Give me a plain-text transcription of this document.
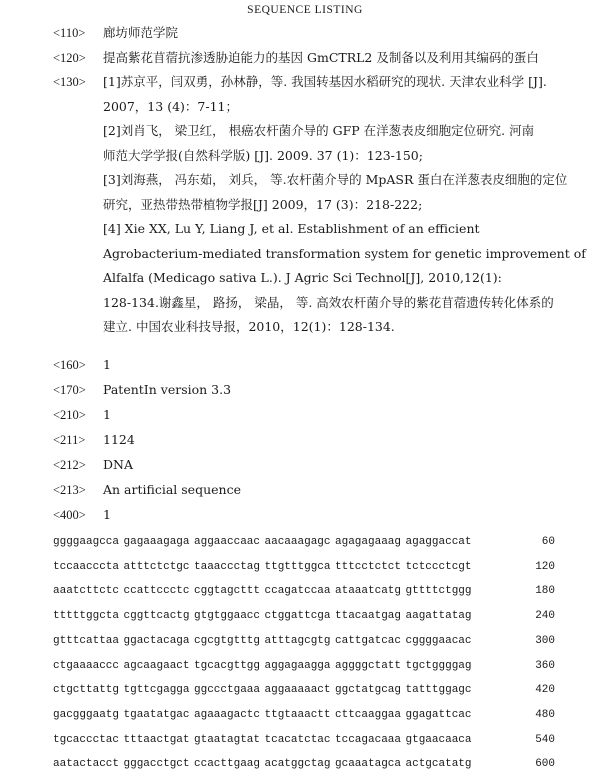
SEQUENCE LISTING
<110> 廊坊师范学院
<120> 提高紫花苜蓿抗渗透胁迫能力的基因 GmCTRL2 及制备以及利用其编码的蛋白
<130> [1]苏京平，闫双勇，孙林静，等. 我国转基因水稻研究的现状. 天津农业科学 [J].
2007，13 (4)：7-11；
[2]刘肖飞， 梁卫红， 根癌农杆菌介导的 GFP 在洋葱表皮细胞定位研究. 河南
师范大学学报(自然科学版) [J]. 2009. 37 (1)：123-150;
[3]刘海燕， 冯东茹， 刘兵， 等.农杆菌介导的 MpASR 蛋白在洋葱表皮细胞的定位
研究，亚热带热带植物学报[J] 2009，17 (3)：218-222;
[4] Xie XX, Lu Y, Liang J, et al. Establishment of an efficient
Agrobacterium-mediated transformation system for genetic improvement of
Alfalfa (Medicago sativa L.). J Agric Sci Technol[J], 2010,12(1):
128-134.谢鑫星， 路扬， 梁晶， 等. 高效农杆菌介导的紫花苜蓿遗传转化体系的
建立. 中国农业科技导报，2010，12(1)：128-134.
<160> 1
<170> PatentIn version 3.3
<210> 1
<211> 1124
<212> DNA
<213> An artificial sequence
<400> 1
ggggaagcca gagaaagaga aggaaccaac aacaaagagc agagagaaag agaggaccat	60
tccaacccta atttctctgc taaaccctag ttgtttggca tttcctctct tctccctcgt	120
aaatcttctc ccattccctc cggtagcttt ccagatccaa ataaatcatg gttttctggg	180
tttttggcta cggttcactg gtgtggaacc ctggattcga ttacaatgag aagattatag	240
gtttcattaa ggactacaga cgcgtgtttg atttagcgtg cattgatcac cggggaacac	300
ctgaaaaccc agcaagaact tgcacgttgg aggagaagga aggggctatt tgctggggag	360
ctgcttattg tgttcgagga ggccctgaaa aggaaaaact ggctatgcag tatttggagc	420
gacgggaatg tgaatatgac agaaagactc ttgtaaactt cttcaaggaa ggagattcac	480
tgcaccctac tttaactgat gtaatagtat tcacatctac tccagacaaa gtgaacaaca	540
aatactacct gggacctgct ccacttgaag acatggctag gcaaatagca actgcatatg	600
